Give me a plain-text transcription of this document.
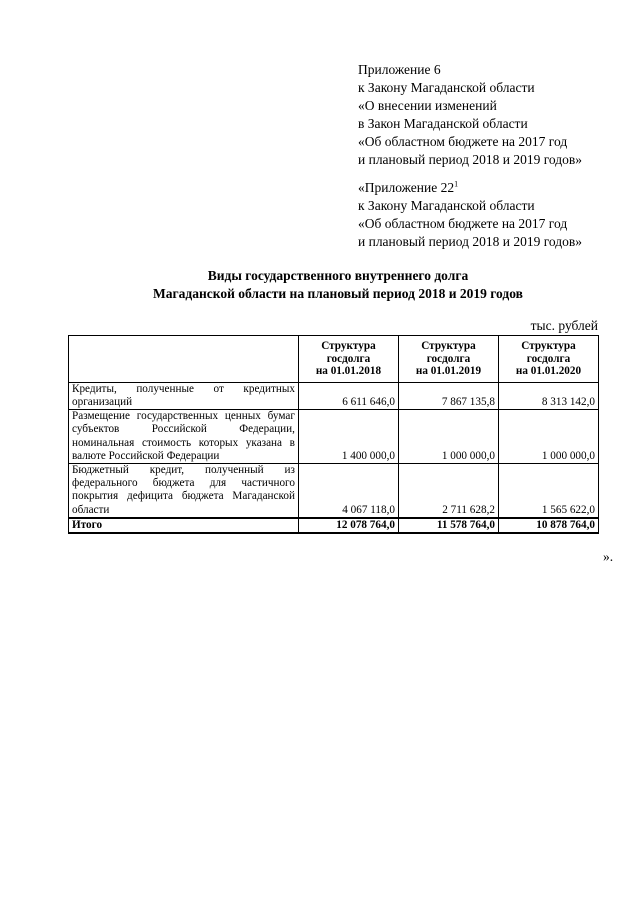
Приложение 6
к Закону Магаданской области
«О внесении изменений
в Закон Магаданской области
«Об областном бюджете на 2017 год
и плановый период 2018 и 2019 годов»
«Приложение $22^1$
к Закону Магаданской области
«Об областном бюджете на 2017 год
и плановый период 2018 и 2019 годов»
Виды государственного внутреннего долга
Магаданской области на плановый период 2018 и 2019 годов
тыс. рублей

	Структура
госдолга
на 01.01.2018	Структура
госдолга
на 01.01.2019	Структура
госдолга
на 01.01.2020

Кредиты, полученные от кредитных организаций	6 611 646,0	7 867 135,8	8 313 142,0
Размещение государственных ценных бумаг субъектов Российской Федерации, номинальная стоимость которых указана в валюте Российской Федерации	1 400 000,0	1 000 000,0	1 000 000,0
Бюджетный кредит, полученный из федерального бюджета для частичного покрытия дефицита бюджета Магаданской области	4 067 118,0	2 711 628,2	1 565 622,0
Итого	12 078 764,0	11 578 764,0	10 878 764,0
».
